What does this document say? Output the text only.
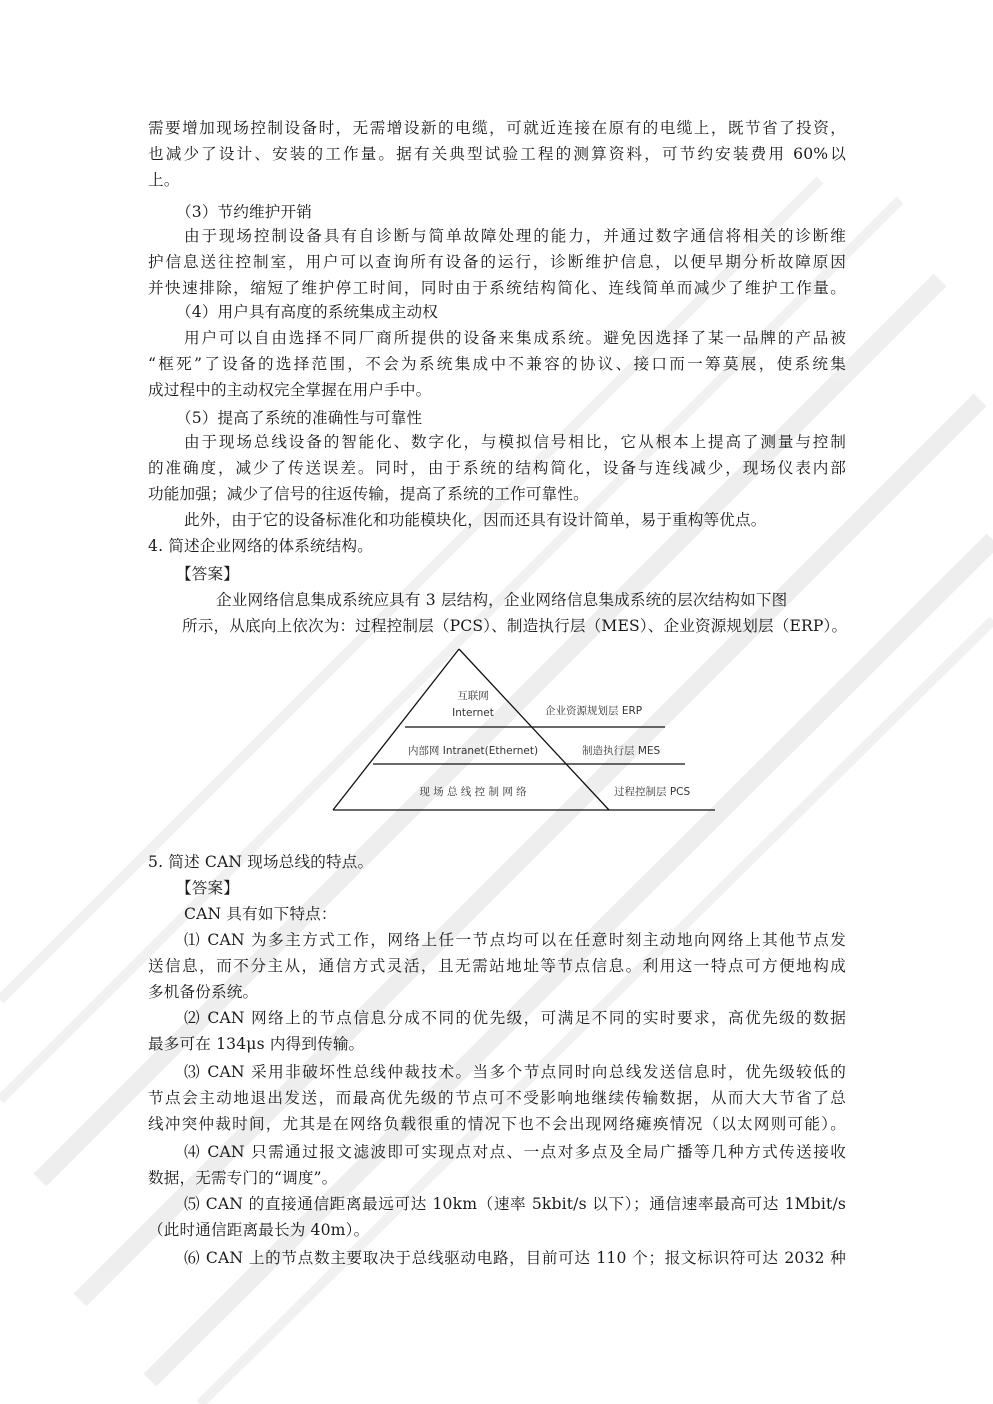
需要增加现场控制设备时，无需增设新的电缆，可就近连接在原有的电缆上，既节省了投资，
也减少了设计、安装的工作量。据有关典型试验工程的测算资料，可节约安装费用 60%以
上。
（3）节约维护开销
由于现场控制设备具有自诊断与简单故障处理的能力，并通过数字通信将相关的诊断维
护信息送往控制室，用户可以查询所有设备的运行，诊断维护信息，以便早期分析故障原因
并快速排除，缩短了维护停工时间，同时由于系统结构简化、连线简单而减少了维护工作量。
（4）用户具有高度的系统集成主动权
用户可以自由选择不同厂商所提供的设备来集成系统。避免因选择了某一品牌的产品被
“框死”了设备的选择范围，不会为系统集成中不兼容的协议、接口而一筹莫展，使系统集
成过程中的主动权完全掌握在用户手中。
（5）提高了系统的准确性与可靠性
由于现场总线设备的智能化、数字化，与模拟信号相比，它从根本上提高了测量与控制
的准确度，减少了传送误差。同时，由于系统的结构简化，设备与连线减少，现场仪表内部
功能加强；减少了信号的往返传输，提高了系统的工作可靠性。
此外，由于它的设备标准化和功能模块化，因而还具有设计简单，易于重构等优点。
4. 简述企业网络的体系统结构。
【答案】
企业网络信息集成系统应具有 3 层结构，企业网络信息集成系统的层次结构如下图
所示，从底向上依次为：过程控制层（PCS）、制造执行层（MES）、企业资源规划层（ERP）。
5. 简述 CAN 现场总线的特点。
【答案】
CAN 具有如下特点：
⑴ CAN 为多主方式工作，网络上任一节点均可以在任意时刻主动地向网络上其他节点发
送信息，而不分主从，通信方式灵活，且无需站地址等节点信息。利用这一特点可方便地构成
多机备份系统。
⑵ CAN 网络上的节点信息分成不同的优先级，可满足不同的实时要求，高优先级的数据
最多可在 134μs 内得到传输。
⑶ CAN 采用非破坏性总线仲裁技术。当多个节点同时向总线发送信息时，优先级较低的
节点会主动地退出发送，而最高优先级的节点可不受影响地继续传输数据，从而大大节省了总
线冲突仲裁时间，尤其是在网络负载很重的情况下也不会出现网络瘫痪情况（以太网则可能）。
⑷ CAN 只需通过报文滤波即可实现点对点、一点对多点及全局广播等几种方式传送接收
数据，无需专门的“调度”。
⑸ CAN 的直接通信距离最远可达 10km（速率 5kbit/s 以下）；通信速率最高可达 1Mbit/s
（此时通信距离最长为 40m）。
⑹ CAN 上的节点数主要取决于总线驱动电路，目前可达 110 个；报文标识符可达 2032 种
互联网
Internet
内部网 Intranet(Ethernet)
现 场 总 线 控 制 网 络
企业资源规划层 ERP
制造执行层 MES
过程控制层 PCS
